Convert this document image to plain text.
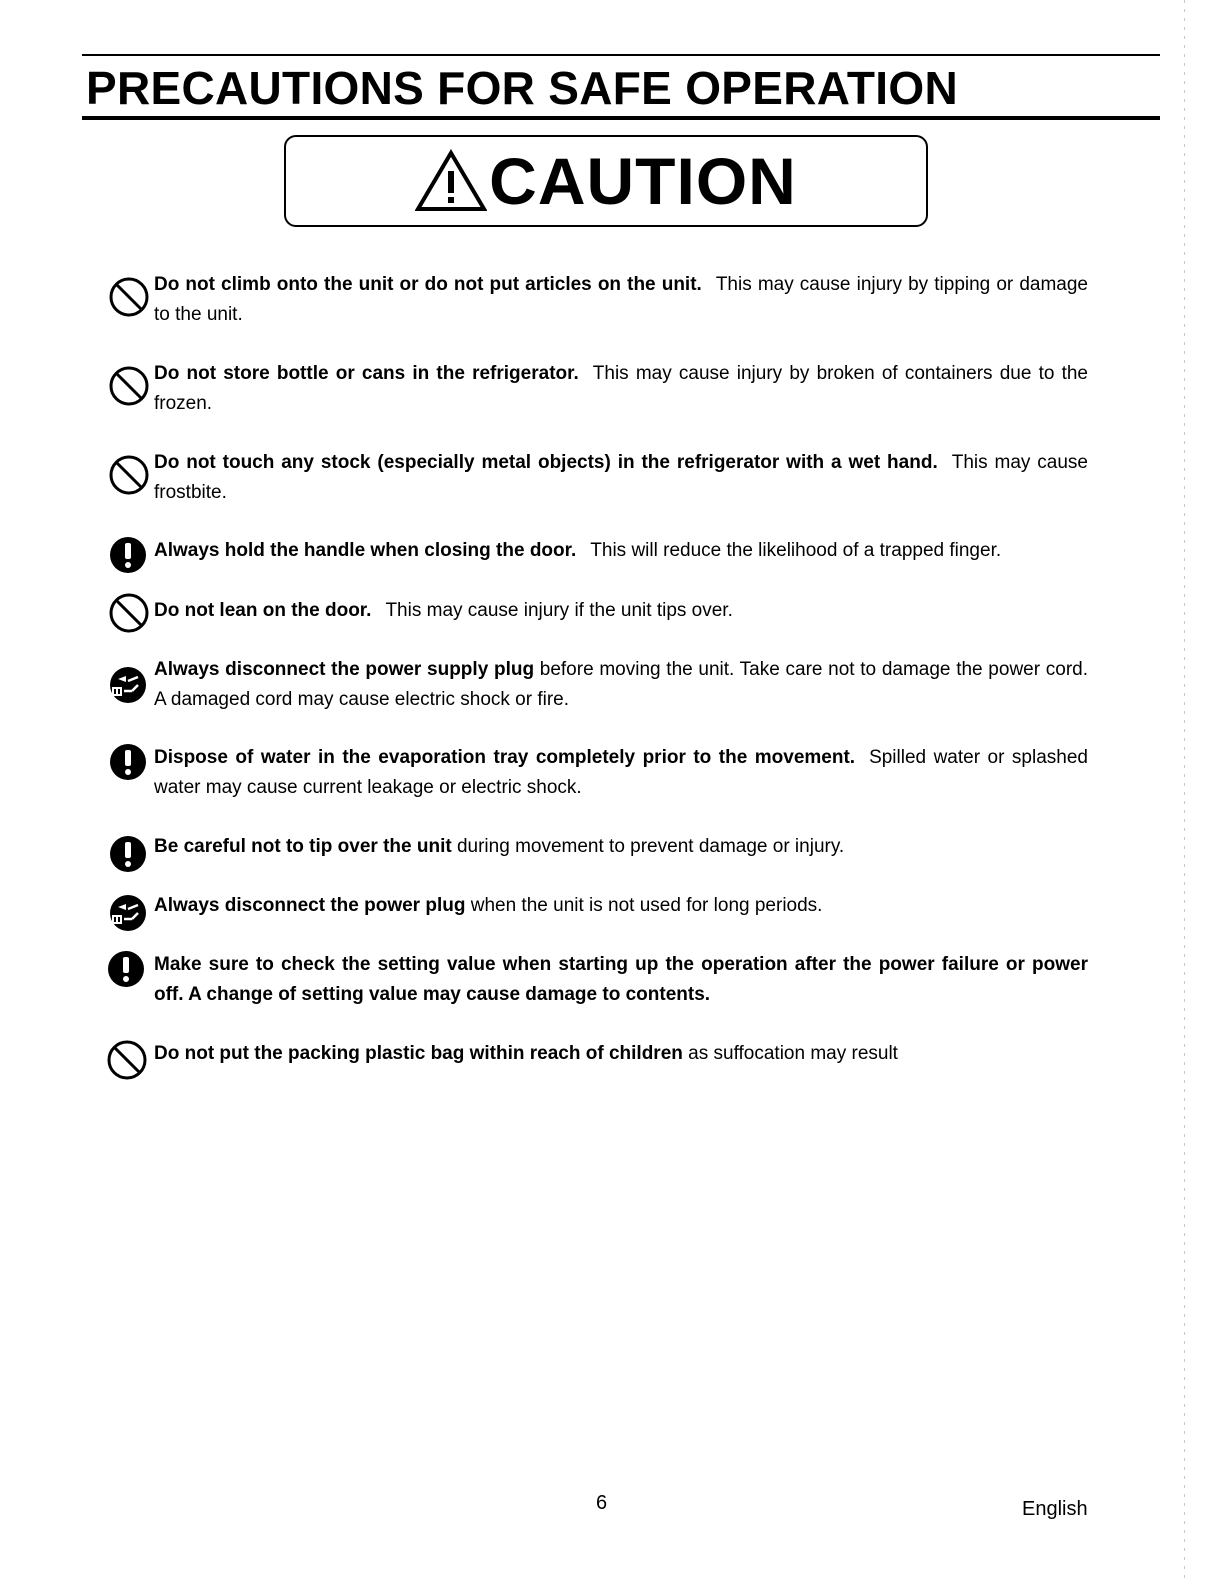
PRECAUTIONS FOR SAFE OPERATION
CAUTION
Do not climb onto the unit or do not put articles on the unit. This may cause injury by tipping or damage to the unit.
Do not store bottle or cans in the refrigerator. This may cause injury by broken of containers due to the frozen.
Do not touch any stock (especially metal objects) in the refrigerator with a wet hand. This may cause frostbite.
Always hold the handle when closing the door. This will reduce the likelihood of a trapped finger.
Do not lean on the door. This may cause injury if the unit tips over.
Always disconnect the power supply plug before moving the unit. Take care not to damage the power cord. A damaged cord may cause electric shock or fire.
Dispose of water in the evaporation tray completely prior to the movement. Spilled water or splashed water may cause current leakage or electric shock.
Be careful not to tip over the unit during movement to prevent damage or injury.
Always disconnect the power plug when the unit is not used for long periods.
Make sure to check the setting value when starting up the operation after the power failure or power off. A change of setting value may cause damage to contents.
Do not put the packing plastic bag within reach of children as suffocation may result
6	English
